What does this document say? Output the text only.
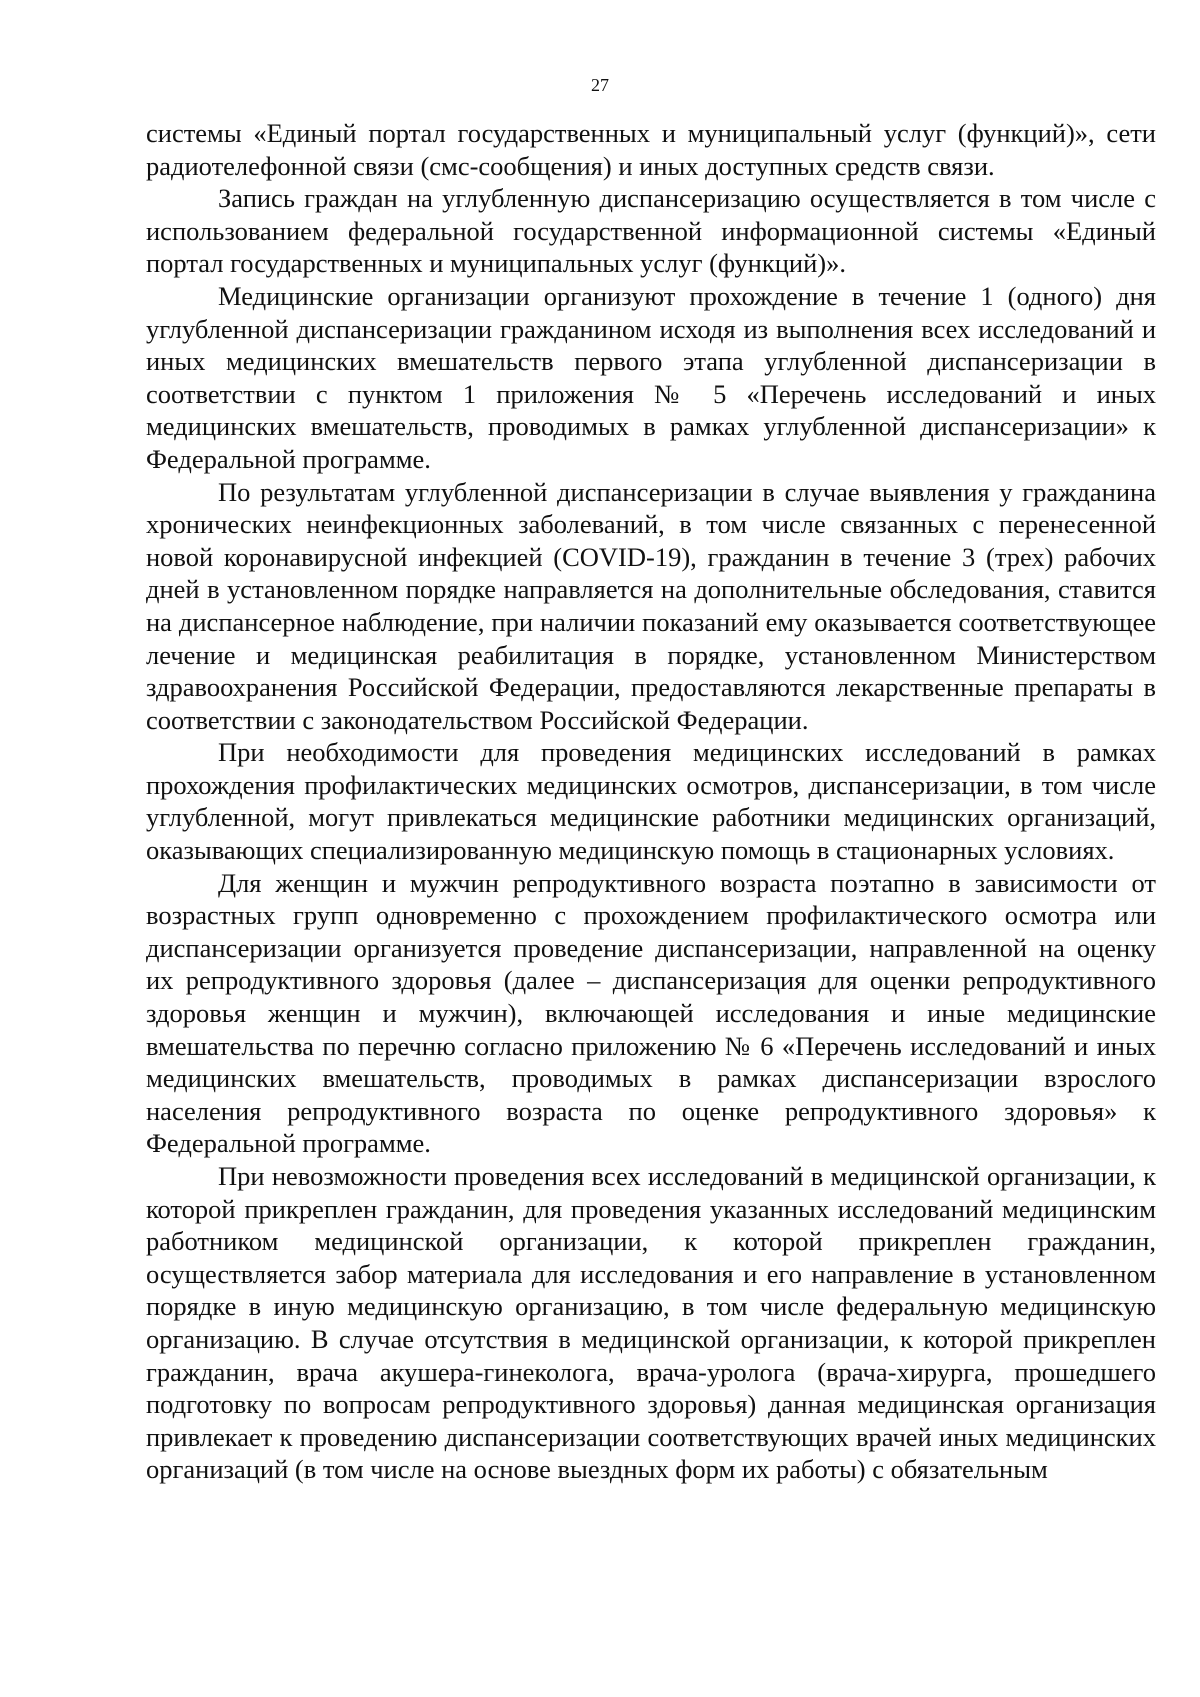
27

системы «Единый портал государственных и муниципальный услуг (функций)», сети радиотелефонной связи (смс-сообщения) и иных доступных средств связи.

Запись граждан на углубленную диспансеризацию осуществляется в том числе с использованием федеральной государственной информационной системы «Единый портал государственных и муниципальных услуг (функций)».

Медицинские организации организуют прохождение в течение 1 (одного) дня углубленной диспансеризации гражданином исходя из выполнения всех исследований и иных медицинских вмешательств первого этапа углубленной диспансеризации в соответствии с пунктом 1 приложения № 5 «Перечень исследований и иных медицинских вмешательств, проводимых в рамках углубленной диспансеризации» к Федеральной программе.

По результатам углубленной диспансеризации в случае выявления у гражданина хронических неинфекционных заболеваний, в том числе связанных с перенесенной новой коронавирусной инфекцией (COVID-19), гражданин в течение 3 (трех) рабочих дней в установленном порядке направляется на дополнительные обследования, ставится на диспансерное наблюдение, при наличии показаний ему оказывается соответствующее лечение и медицинская реабилитация в порядке, установленном Министерством здравоохранения Российской Федерации, предоставляются лекарственные препараты в соответствии с законодательством Российской Федерации.

При необходимости для проведения медицинских исследований в рамках прохождения профилактических медицинских осмотров, диспансеризации, в том числе углубленной, могут привлекаться медицинские работники медицинских организаций, оказывающих специализированную медицинскую помощь в стационарных условиях.

Для женщин и мужчин репродуктивного возраста поэтапно в зависимости от возрастных групп одновременно с прохождением профилактического осмотра или диспансеризации организуется проведение диспансеризации, направленной на оценку их репродуктивного здоровья (далее – диспансеризация для оценки репродуктивного здоровья женщин и мужчин), включающей исследования и иные медицинские вмешательства по перечню согласно приложению № 6 «Перечень исследований и иных медицинских вмешательств, проводимых в рамках диспансеризации взрослого населения репродуктивного возраста по оценке репродуктивного здоровья» к Федеральной программе.

При невозможности проведения всех исследований в медицинской организации, к которой прикреплен гражданин, для проведения указанных исследований медицинским работником медицинской организации, к которой прикреплен гражданин, осуществляется забор материала для исследования и его направление в установленном порядке в иную медицинскую организацию, в том числе федеральную медицинскую организацию. В случае отсутствия в медицинской организации, к которой прикреплен гражданин, врача акушера-гинеколога, врача-уролога (врача-хирурга, прошедшего подготовку по вопросам репродуктивного здоровья) данная медицинская организация привлекает к проведению диспансеризации соответствующих врачей иных медицинских организаций (в том числе на основе выездных форм их работы) с обязательным
